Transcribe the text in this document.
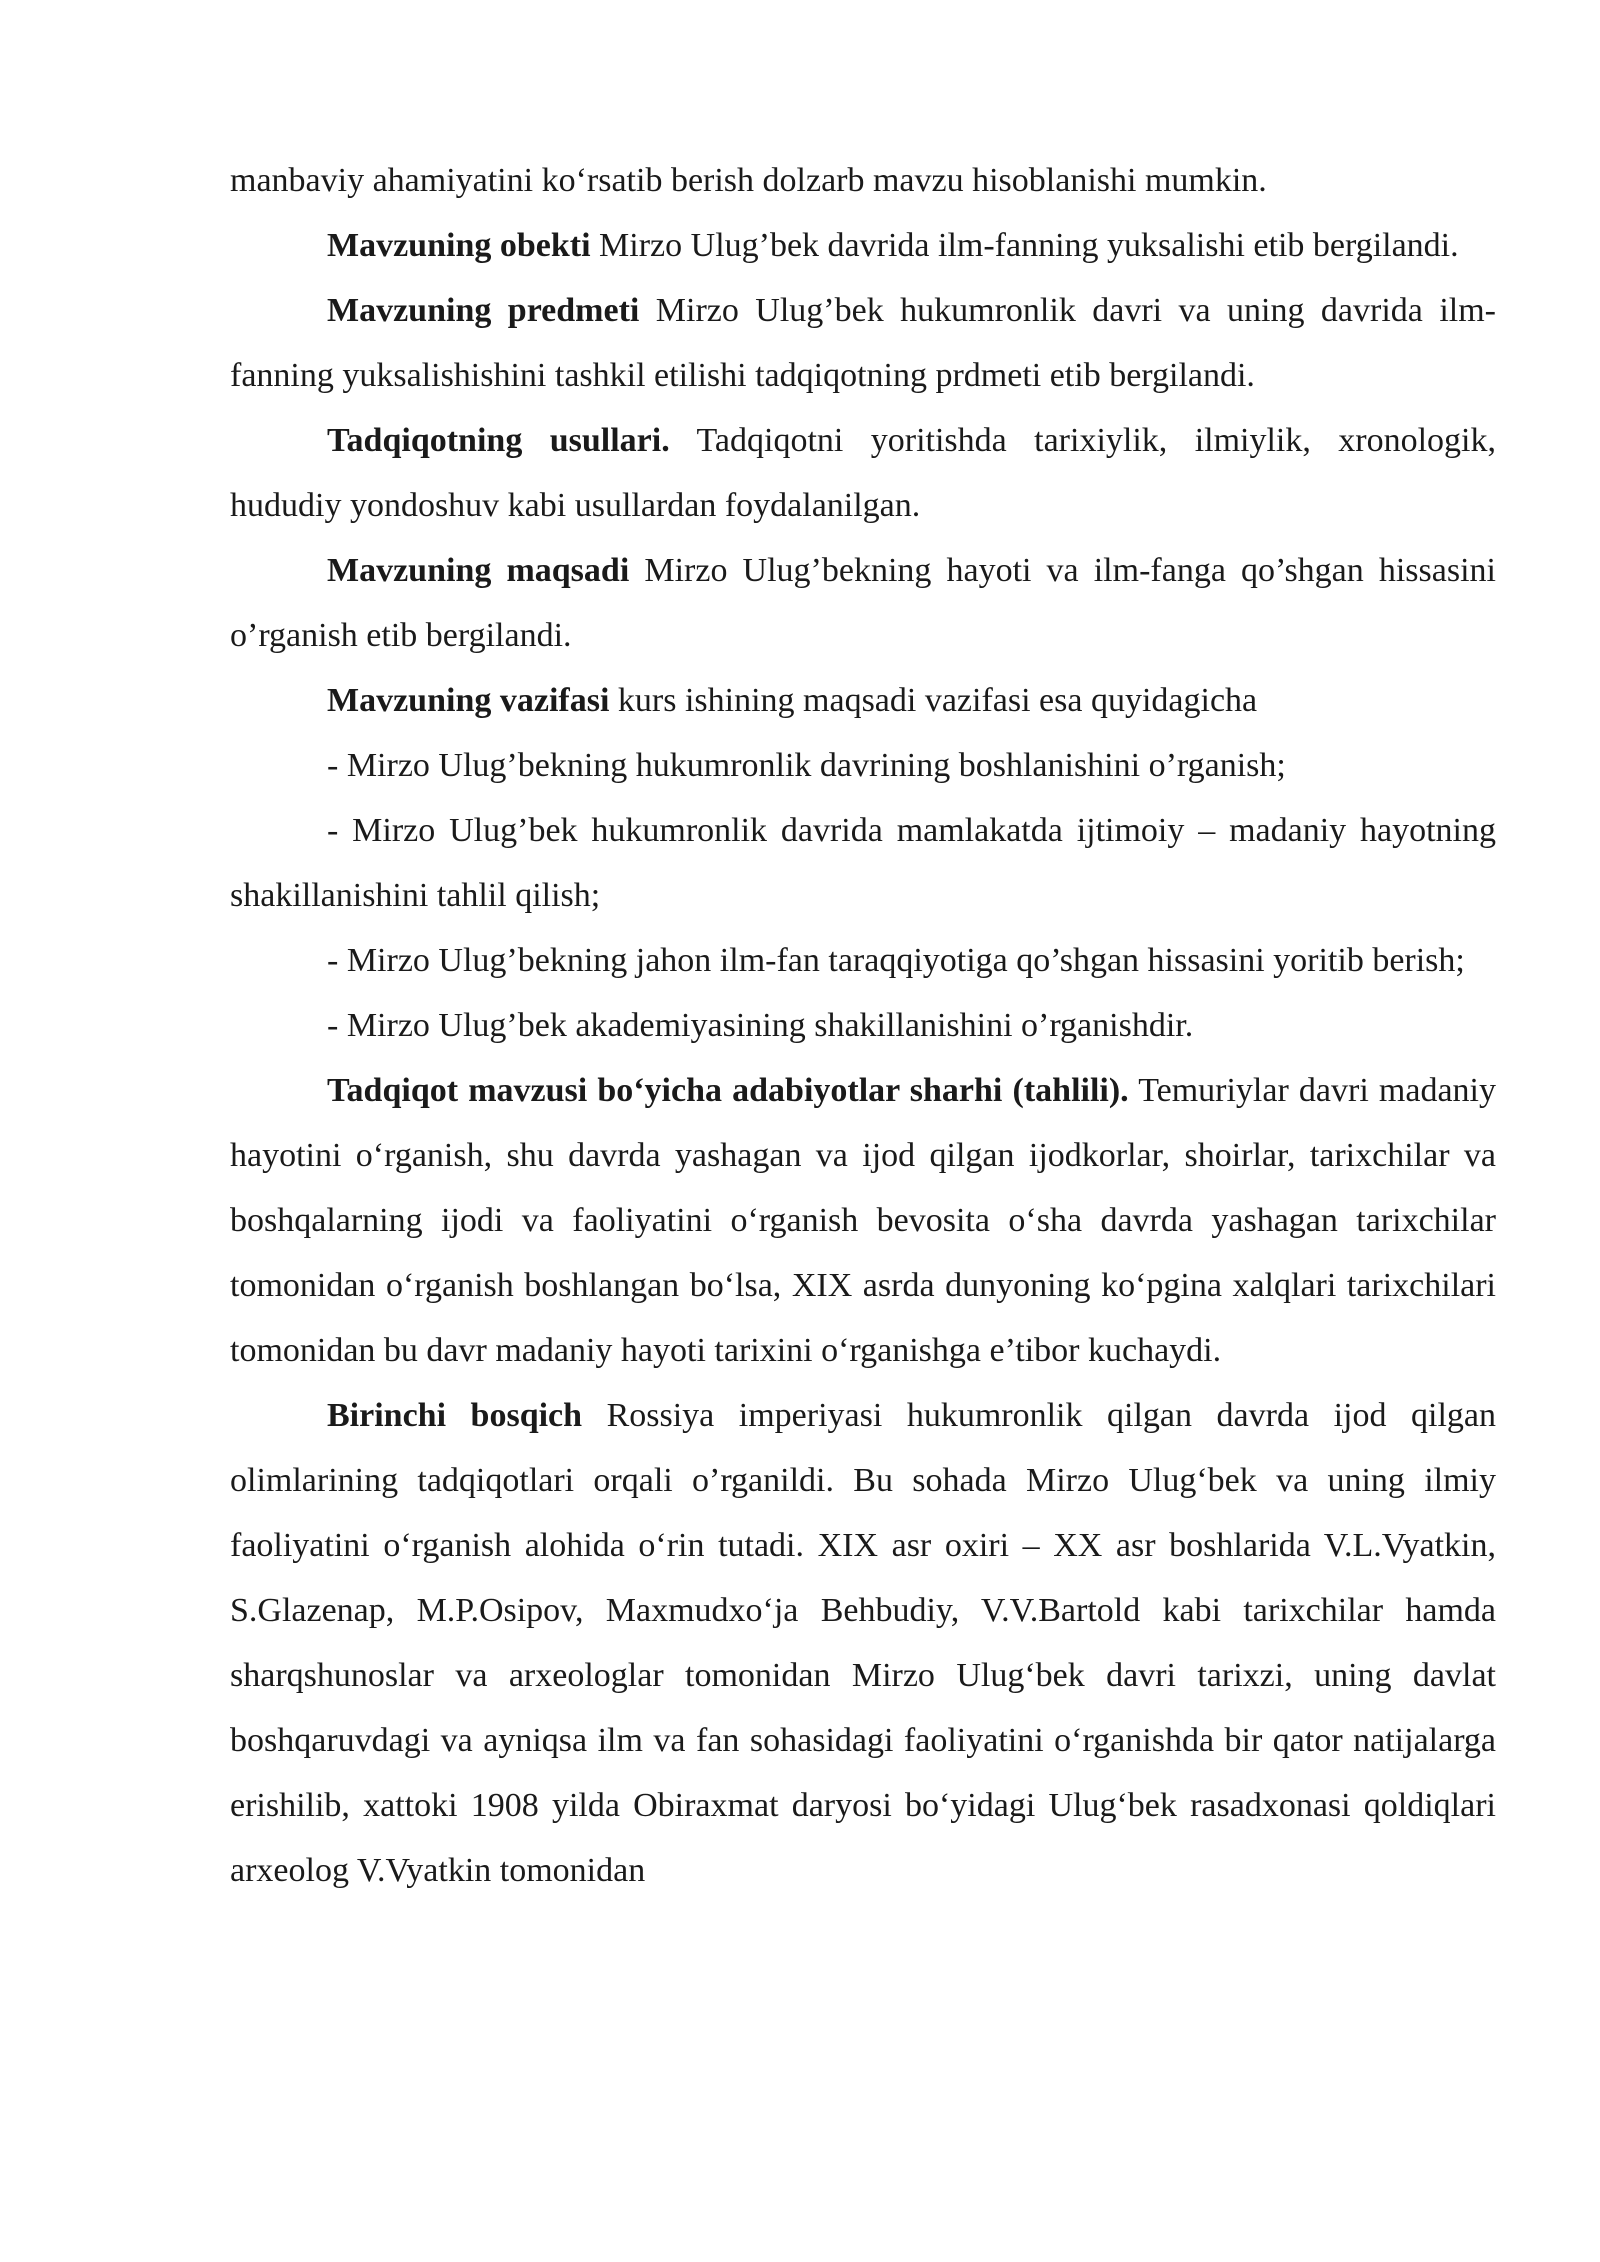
manbaviy ahamiyatini ko‘rsatib berish dolzarb mavzu hisoblanishi mumkin.

Mavzuning obekti Mirzo Ulug’bek davrida ilm-fanning yuksalishi etib bergilandi.

Mavzuning predmeti Mirzo Ulug’bek hukumronlik davri va uning davrida ilm-fanning yuksalishishini tashkil etilishi tadqiqotning prdmeti etib bergilandi.

Tadqiqotning usullari. Tadqiqotni yoritishda tarixiylik, ilmiylik, xronologik, hududiy yondoshuv kabi usullardan foydalanilgan.

Mavzuning maqsadi Mirzo Ulug’bekning hayoti va ilm-fanga qo’shgan hissasini o’rganish etib bergilandi.

Mavzuning vazifasi kurs ishining maqsadi vazifasi esa quyidagicha

- Mirzo Ulug’bekning hukumronlik davrining boshlanishini o’rganish;

- Mirzo Ulug’bek hukumronlik davrida mamlakatda ijtimoiy – madaniy hayotning shakillanishini tahlil qilish;

- Mirzo Ulug’bekning jahon ilm-fan taraqqiyotiga qo’shgan hissasini yoritib berish;

- Mirzo Ulug’bek akademiyasining shakillanishini o’rganishdir.

Tadqiqot mavzusi bo‘yicha adabiyotlar sharhi (tahlili). Temuriylar davri madaniy hayotini o‘rganish, shu davrda yashagan va ijod qilgan ijodkorlar, shoirlar, tarixchilar va boshqalarning ijodi va faoliyatini o‘rganish bevosita o‘sha davrda yashagan tarixchilar tomonidan o‘rganish boshlangan bo‘lsa, XIX asrda dunyoning ko‘pgina xalqlari tarixchilari tomonidan bu davr madaniy hayoti tarixini o‘rganishga e’tibor kuchaydi.

Birinchi bosqich Rossiya imperiyasi hukumronlik qilgan davrda ijod qilgan olimlarining tadqiqotlari orqali o’rganildi. Bu sohada Mirzo Ulug‘bek va uning ilmiy faoliyatini o‘rganish alohida o‘rin tutadi. XIX asr oxiri – XX asr boshlarida V.L.Vyatkin, S.Glazenap, M.P.Osipov, Maxmudxo‘ja Behbudiy, V.V.Bartold kabi tarixchilar hamda sharqshunoslar va arxeologlar tomonidan Mirzo Ulug‘bek davri tarixzi, uning davlat boshqaruvdagi va ayniqsa ilm va fan sohasidagi faoliyatini o‘rganishda bir qator natijalarga erishilib, xattoki 1908 yilda Obiraxmat daryosi bo‘yidagi Ulug‘bek rasadxonasi qoldiqlari arxeolog V.Vyatkin tomonidan
